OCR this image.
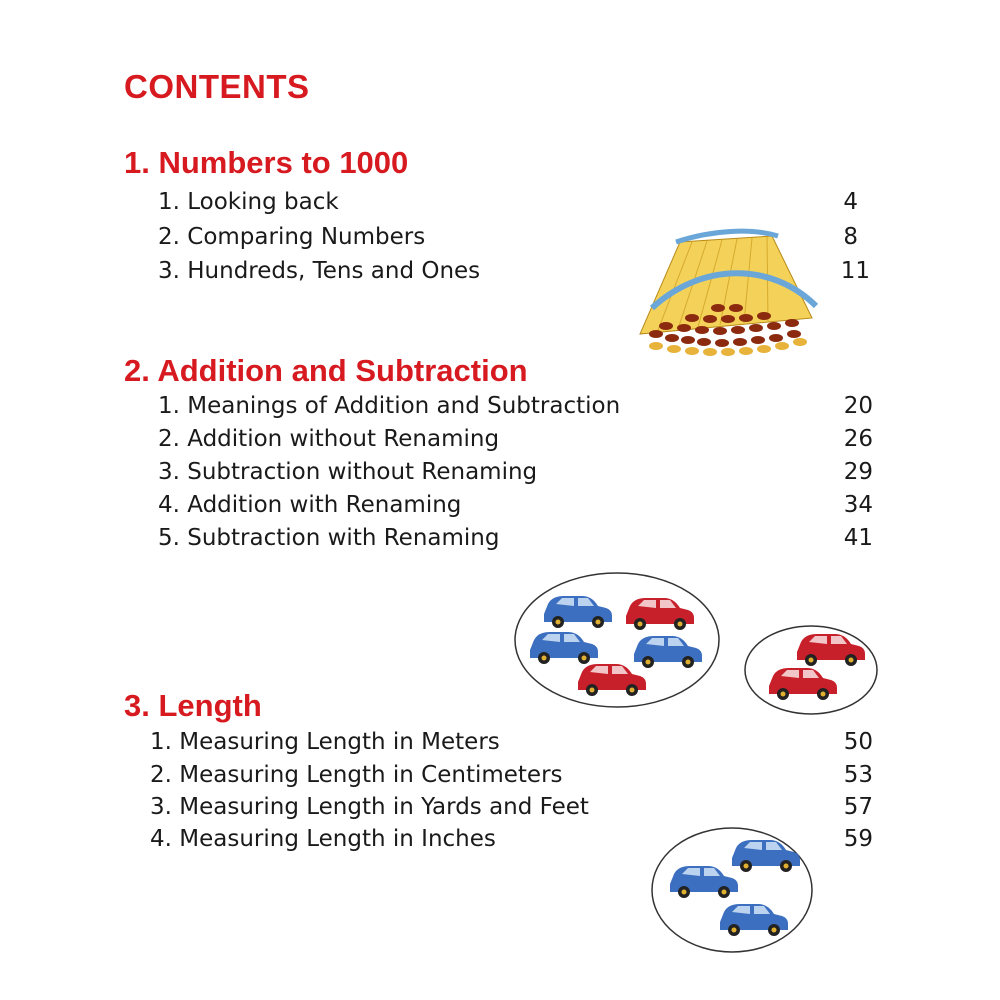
CONTENTS
1. Numbers to 1000
1. Looking back	4
2. Comparing Numbers	8
3. Hundreds, Tens and Ones	11
2. Addition and Subtraction
1. Meanings of Addition and Subtraction	20
2. Addition without Renaming	26
3. Subtraction without Renaming	29
4. Addition with Renaming	34
5. Subtraction with Renaming	41
3. Length
1. Measuring Length in Meters	50
2. Measuring Length in Centimeters	53
3. Measuring Length in Yards and Feet	57
4. Measuring Length in Inches	59
